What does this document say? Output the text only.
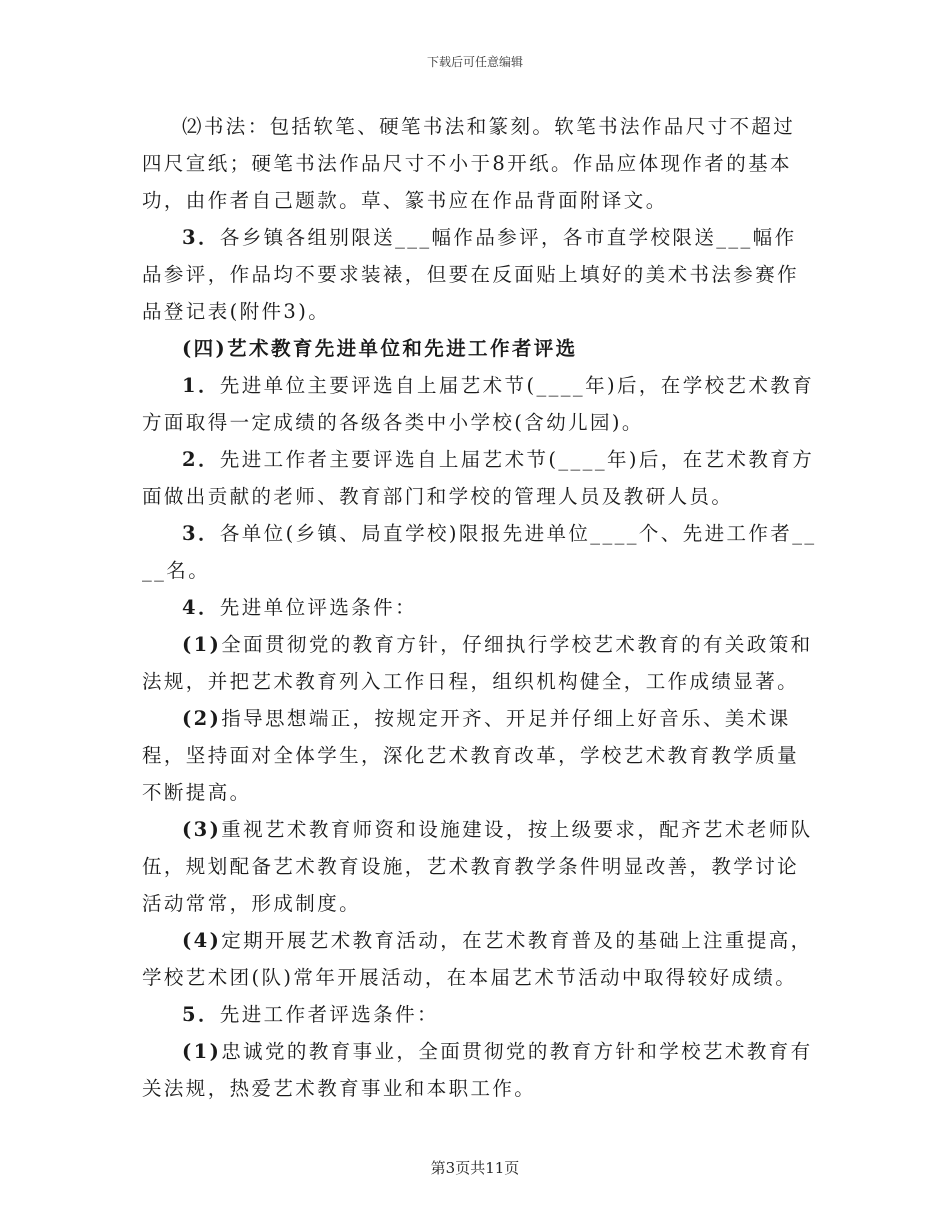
下载后可任意编辑

⑵书法：包括软笔、硬笔书法和篆刻。软笔书法作品尺寸不超过四尺宣纸；硬笔书法作品尺寸不小于8开纸。作品应体现作者的基本功，由作者自己题款。草、篆书应在作品背面附译文。

3．各乡镇各组别限送___幅作品参评，各市直学校限送___幅作品参评，作品均不要求装裱，但要在反面贴上填好的美术书法参赛作品登记表(附件3)。

(四)艺术教育先进单位和先进工作者评选

1．先进单位主要评选自上届艺术节(____年)后，在学校艺术教育方面取得一定成绩的各级各类中小学校(含幼儿园)。

2．先进工作者主要评选自上届艺术节(____年)后，在艺术教育方面做出贡献的老师、教育部门和学校的管理人员及教研人员。

3．各单位(乡镇、局直学校)限报先进单位____个、先进工作者____名。

4．先进单位评选条件：

(1)全面贯彻党的教育方针，仔细执行学校艺术教育的有关政策和法规，并把艺术教育列入工作日程，组织机构健全，工作成绩显著。

(2)指导思想端正，按规定开齐、开足并仔细上好音乐、美术课程，坚持面对全体学生，深化艺术教育改革，学校艺术教育教学质量不断提高。

(3)重视艺术教育师资和设施建设，按上级要求，配齐艺术老师队伍，规划配备艺术教育设施，艺术教育教学条件明显改善，教学讨论活动常常，形成制度。

(4)定期开展艺术教育活动，在艺术教育普及的基础上注重提高，学校艺术团(队)常年开展活动，在本届艺术节活动中取得较好成绩。

5．先进工作者评选条件：

(1)忠诚党的教育事业，全面贯彻党的教育方针和学校艺术教育有关法规，热爱艺术教育事业和本职工作。

第3页共11页
